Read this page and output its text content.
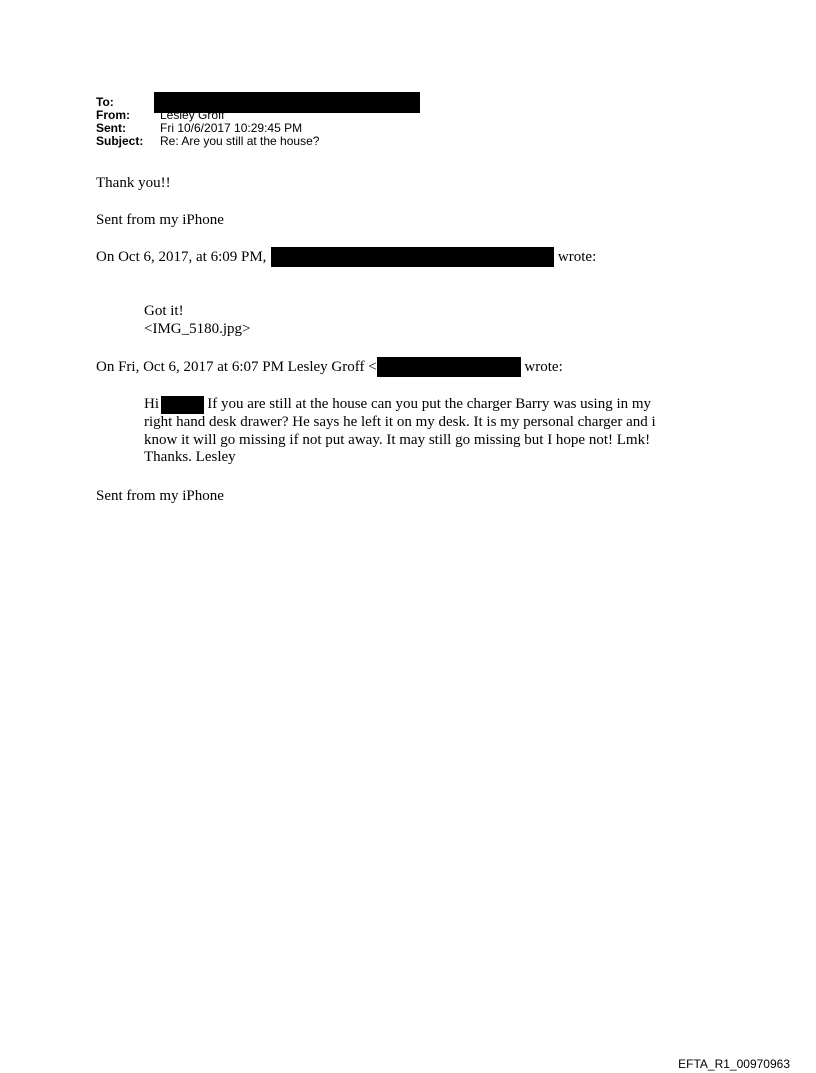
To:
From:	Lesley Groff
Sent:	Fri 10/6/2017 10:29:45 PM
Subject: Re: Are you still at the house?
Thank you!!
Sent from my iPhone
On Oct 6, 2017, at 6:09 PM,	wrote:
Got it!
<IMG_5180.jpg>
On Fri, Oct 6, 2017 at 6:07 PM Lesley Groff <	wrote:
Hi	. If you are still at the house can you put the charger Barry was using in my right hand desk drawer? He says he left it on my desk. It is my personal charger and i know it will go missing if not put away. It may still go missing but I hope not! Lmk! Thanks. Lesley
Sent from my iPhone
EFTA_R1_00970963
